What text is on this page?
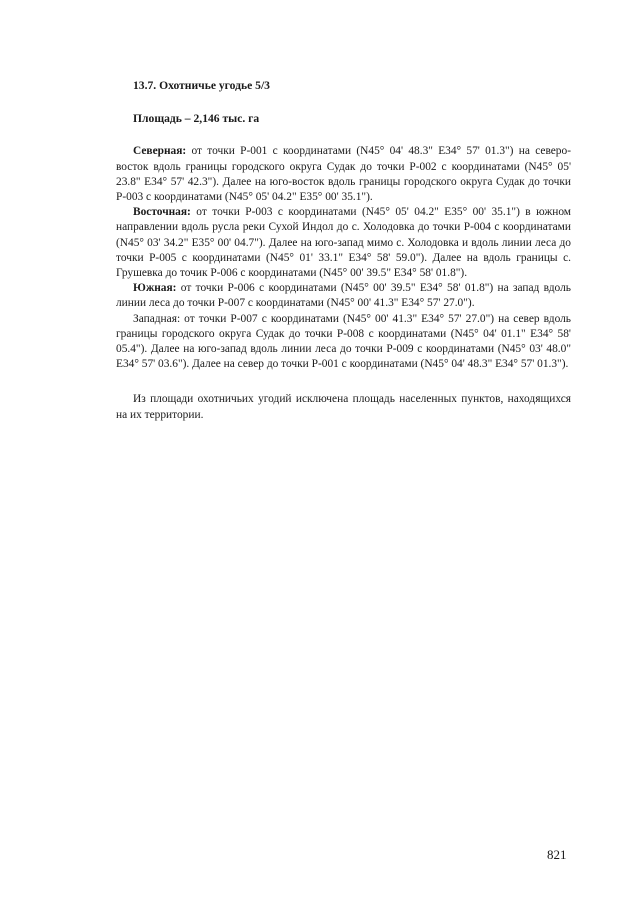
13.7. Охотничье угодье 5/3

Площадь – 2,146 тыс. га

Северная: от точки Р-001 с координатами (N45° 04' 48.3" E34° 57' 01.3") на северо-восток вдоль границы городского округа Судак до точки Р-002 с координатами (N45° 05' 23.8" E34° 57' 42.3"). Далее на юго-восток вдоль границы городского округа Судак до точки Р-003 с координатами (N45° 05' 04.2" E35° 00' 35.1").

Восточная: от точки Р-003 с координатами (N45° 05' 04.2" E35° 00' 35.1") в южном направлении вдоль русла реки Сухой Индол до с. Холодовка до точки Р-004 с координатами (N45° 03' 34.2" E35° 00' 04.7"). Далее на юго-запад мимо с. Холодовка и вдоль линии леса до точки Р-005 с координатами (N45° 01' 33.1" E34° 58' 59.0"). Далее на вдоль границы с. Грушевка до точик Р-006 с координатами (N45° 00' 39.5" E34° 58' 01.8").

Южная: от точки Р-006 с координатами (N45° 00' 39.5" E34° 58' 01.8") на запад вдоль линии леса до точки Р-007 с координатами (N45° 00' 41.3" E34° 57' 27.0").

Западная: от точки Р-007 с координатами (N45° 00' 41.3" E34° 57' 27.0") на север вдоль границы городского округа Судак до точки Р-008 с координатами (N45° 04' 01.1" E34° 58' 05.4"). Далее на юго-запад вдоль линии леса до точки Р-009 с координатами (N45° 03' 48.0" E34° 57' 03.6"). Далее на север до точки Р-001 с координатами (N45° 04' 48.3" E34° 57' 01.3").

Из площади охотничьих угодий исключена площадь населенных пунктов, находящихся на их территории.

821
